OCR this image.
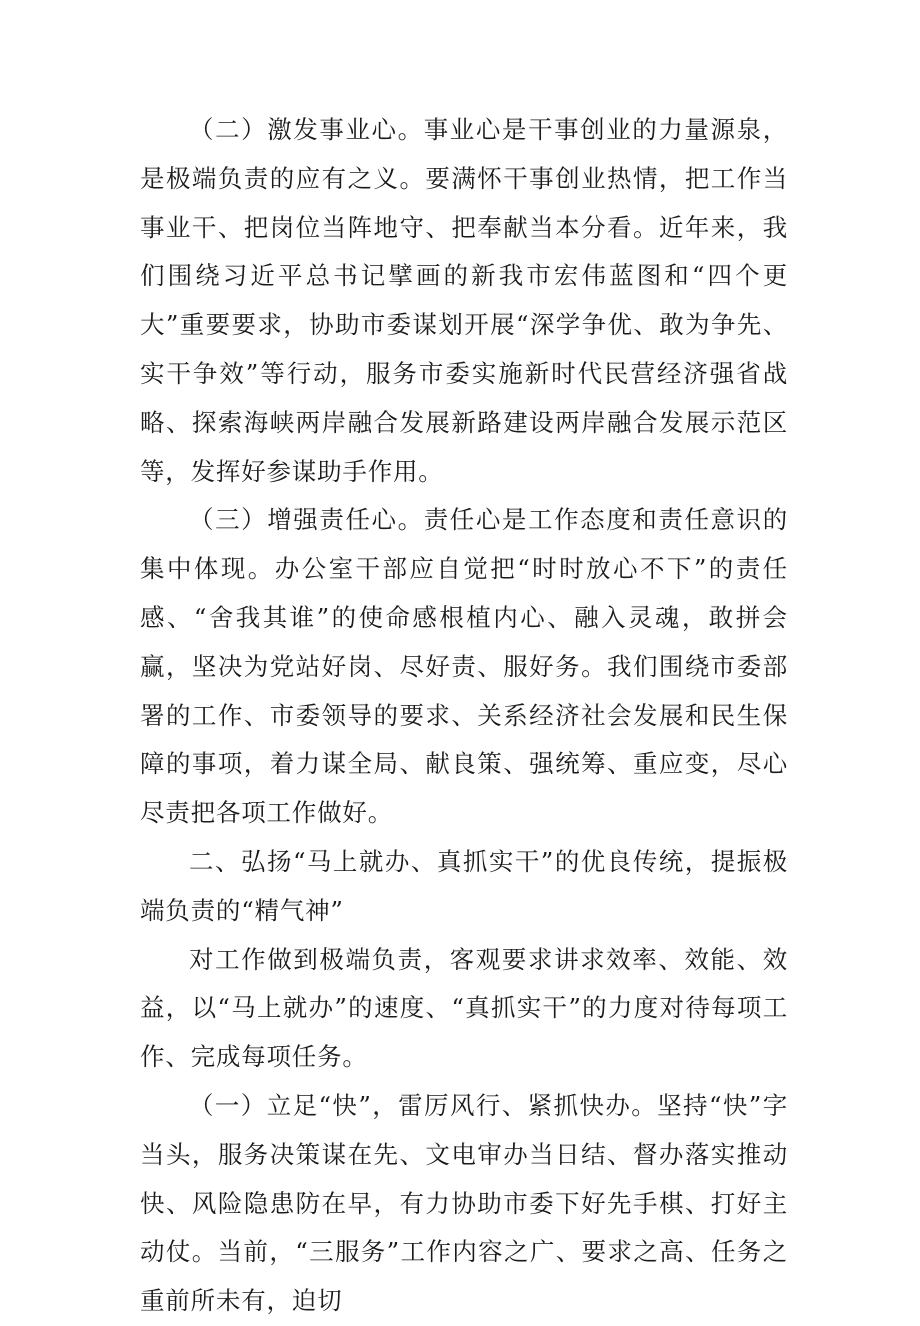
（二）激发事业心。事业心是干事创业的力量源泉，是极端负责的应有之义。要满怀干事创业热情，把工作当事业干、把岗位当阵地守、把奉献当本分看。近年来，我们围绕习近平总书记擘画的新我市宏伟蓝图和“四个更大”重要要求，协助市委谋划开展“深学争优、敢为争先、实干争效”等行动，服务市委实施新时代民营经济强省战略、探索海峡两岸融合发展新路建设两岸融合发展示范区等，发挥好参谋助手作用。

（三）增强责任心。责任心是工作态度和责任意识的集中体现。办公室干部应自觉把“时时放心不下”的责任感、“舍我其谁”的使命感根植内心、融入灵魂，敢拼会赢，坚决为党站好岗、尽好责、服好务。我们围绕市委部署的工作、市委领导的要求、关系经济社会发展和民生保障的事项，着力谋全局、献良策、强统筹、重应变，尽心尽责把各项工作做好。

二、弘扬“马上就办、真抓实干”的优良传统，提振极端负责的“精气神”

对工作做到极端负责，客观要求讲求效率、效能、效益，以“马上就办”的速度、“真抓实干”的力度对待每项工作、完成每项任务。

（一）立足“快”，雷厉风行、紧抓快办。坚持“快”字当头，服务决策谋在先、文电审办当日结、督办落实推动快、风险隐患防在早，有力协助市委下好先手棋、打好主动仗。当前，“三服务”工作内容之广、要求之高、任务之重前所未有，迫切
